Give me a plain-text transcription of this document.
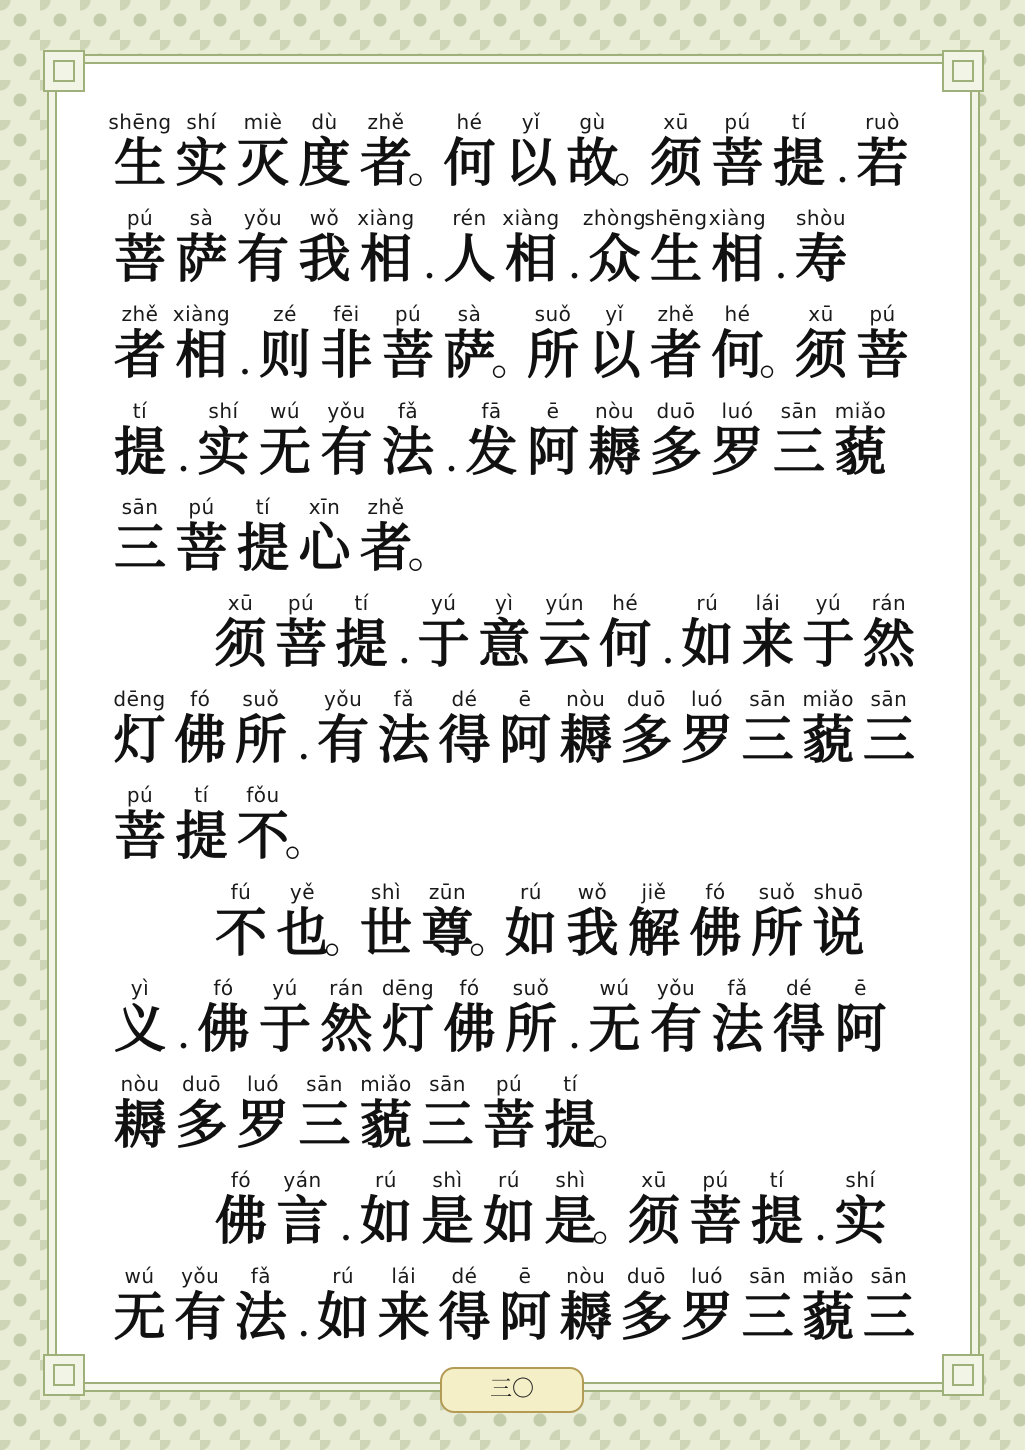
shēng
生
shí
实
miè
灭
dù
度
zhě
者
。
hé
何
yǐ
以
gù
故
。
xū
须
pú
菩
tí
提 .
ruò
若
pú
菩
sà
萨
yǒu
有
wǒ
我
xiàng
相 .
rén
人
xiàng
相 .
zhòng
众
shēng
生
xiàng
相 .
shòu
寿
zhě
者
xiàng
相 .
zé
则
fēi
非
pú
菩
sà
萨
。
suǒ
所
yǐ
以
zhě
者
hé
何
。
xū
须
pú
菩
tí
提 .
shí
实
wú
无
yǒu
有
fǎ
法 .
fā
发
ē
阿
nòu
耨
duō
多
luó
罗
sān
三
miǎo
藐
sān
三
pú
菩
tí
提
xīn
心
zhě
者
。
xū
须
pú
菩
tí
提 .
yú
于
yì
意
yún
云
hé
何 .
rú
如
lái
来
yú
于
rán
然
dēng
灯
fó
佛
suǒ
所 .
yǒu
有
fǎ
法
dé
得
ē
阿
nòu
耨
duō
多
luó
罗
sān
三
miǎo
藐
sān
三
pú
菩
tí
提
fǒu
不
。
fú
不
yě
也
。
shì
世
zūn
尊
。
rú
如
wǒ
我
jiě
解
fó
佛
suǒ
所
shuō
说
yì
义 .
fó
佛
yú
于
rán
然
dēng
灯
fó
佛
suǒ
所 .
wú
无
yǒu
有
fǎ
法
dé
得
ē
阿
nòu
耨
duō
多
luó
罗
sān
三
miǎo
藐
sān
三
pú
菩
tí
提
。
fó
佛
yán
言 .
rú
如
shì
是
rú
如
shì
是
。
xū
须
pú
菩
tí
提 .
shí
实
wú
无
yǒu
有
fǎ
法 .
rú
如
lái
来
dé
得
ē
阿
nòu
耨
duō
多
luó
罗
sān
三
miǎo
藐
sān
三
三〇
